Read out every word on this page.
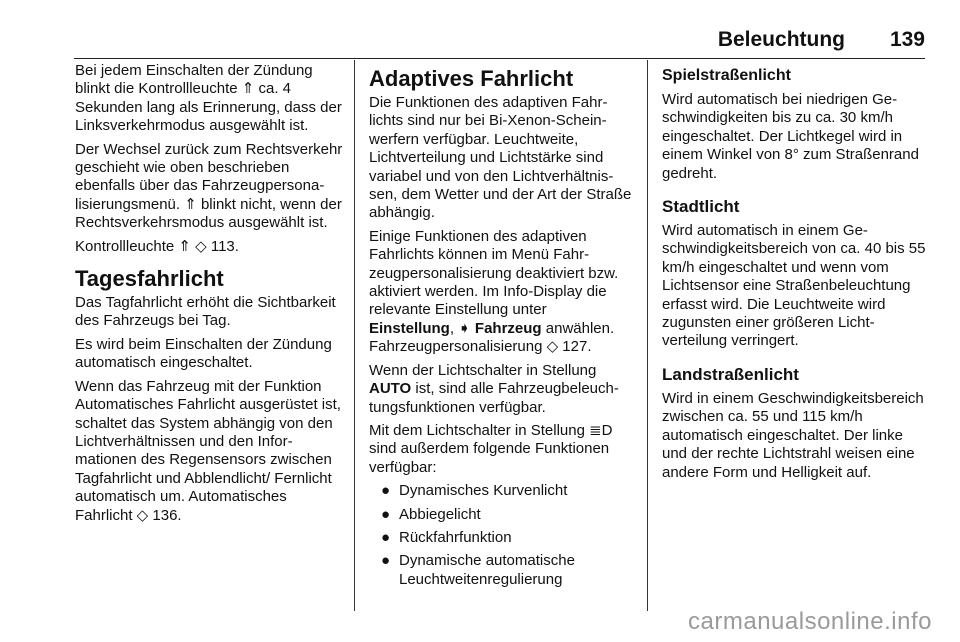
Beleuchtung 139

Bei jedem Einschalten der Zündung blinkt die Kontrollleuchte ⇑ ca. 4 Sekunden lang als Erinnerung, dass der Linksverkehrmodus ausgewählt ist.

Der Wechsel zurück zum Rechtsverkehr geschieht wie oben beschrieben ebenfalls über das Fahrzeugpersonalisierungsmenü. ⇑ blinkt nicht, wenn der Rechtsverkehrsmodus ausgewählt ist.

Kontrollleuchte ⇑ ◇ 113.

Tagesfahrlicht

Das Tagfahrlicht erhöht die Sichtbarkeit des Fahrzeugs bei Tag.

Es wird beim Einschalten der Zündung automatisch eingeschaltet.

Wenn das Fahrzeug mit der Funktion Automatisches Fahrlicht ausgerüstet ist, schaltet das System abhängig von den Lichtverhältnissen und den Informationen des Regensensors zwischen Tagfahrlicht und Abblendlicht/ Fernlicht automatisch um. Automatisches Fahrlicht ◇ 136.

Adaptives Fahrlicht

Die Funktionen des adaptiven Fahrlichts sind nur bei Bi-Xenon-Scheinwerfern verfügbar. Leuchtweite, Lichtverteilung und Lichtstärke sind variabel und von den Lichtverhältnissen, dem Wetter und der Art der Straße abhängig.

Einige Funktionen des adaptiven Fahrlichts können im Menü Fahrzeugpersonalisierung deaktiviert bzw. aktiviert werden. Im Info-Display die relevante Einstellung unter Einstellung, ➧ Fahrzeug anwählen. Fahrzeugpersonalisierung ◇ 127.

Wenn der Lichtschalter in Stellung AUTO ist, sind alle Fahrzeugbeleuchtungsfunktionen verfügbar.

Mit dem Lichtschalter in Stellung ≣D sind außerdem folgende Funktionen verfügbar:

● Dynamisches Kurvenlicht
● Abbiegelicht
● Rückfahrfunktion
● Dynamische automatische Leuchtweitenregulierung
Spielstraßenlicht

Wird automatisch bei niedrigen Geschwindigkeiten bis zu ca. 30 km/h eingeschaltet. Der Lichtkegel wird in einem Winkel von 8° zum Straßenrand gedreht.

Stadtlicht

Wird automatisch in einem Geschwindigkeitsbereich von ca. 40 bis 55 km/h eingeschaltet und wenn vom Lichtsensor eine Straßenbeleuchtung erfasst wird. Die Leuchtweite wird zugunsten einer größeren Lichtverteilung verringert.

Landstraßenlicht

Wird in einem Geschwindigkeitsbereich zwischen ca. 55 und 115 km/h automatisch eingeschaltet. Der linke und der rechte Lichtstrahl weisen eine andere Form und Helligkeit auf.

carmanualsonline.info
